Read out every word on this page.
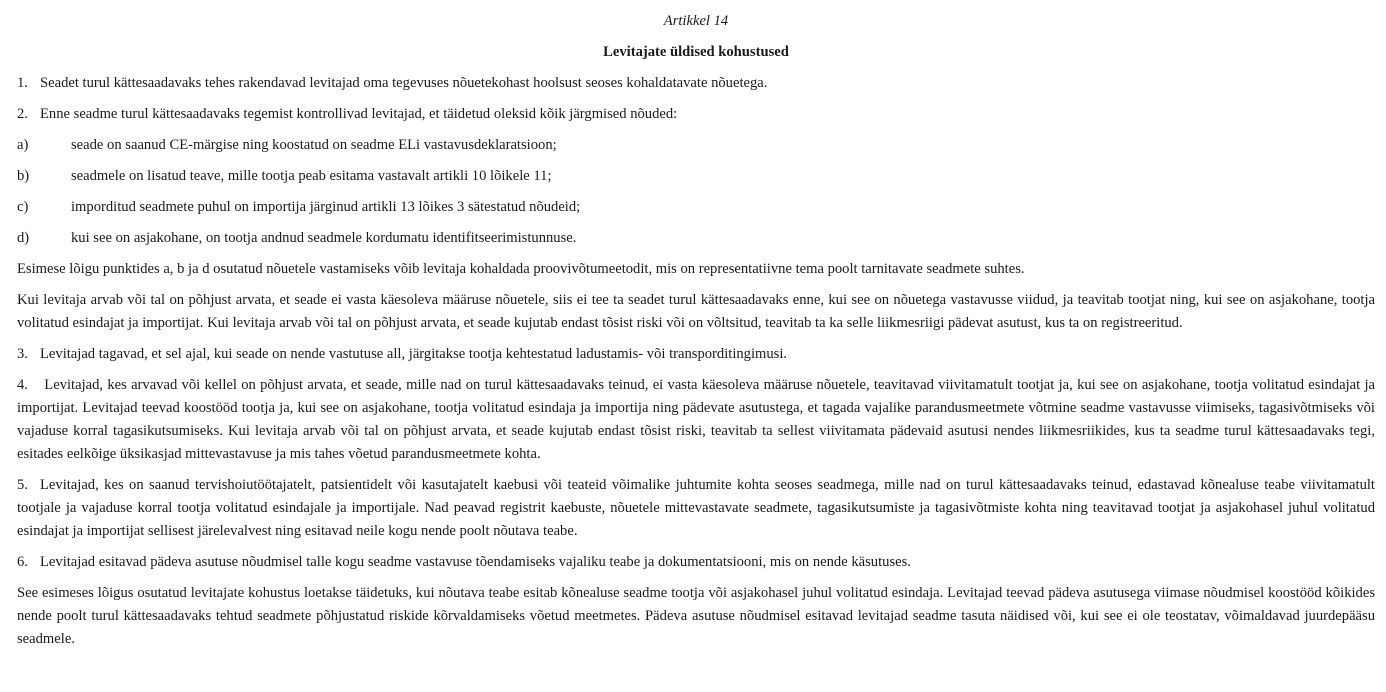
Artikkel 14
Levitajate üldised kohustused

1. Seadet turul kättesaadavaks tehes rakendavad levitajad oma tegevuses nõuetekohast hoolsust seoses kohaldatavate nõuetega.

2. Enne seadme turul kättesaadavaks tegemist kontrollivad levitajad, et täidetud oleksid kõik järgmised nõuded:

a)	seade on saanud CE-märgise ning koostatud on seadme ELi vastavusdeklaratsioon;
b)	seadmele on lisatud teave, mille tootja peab esitama vastavalt artikli 10 lõikele 11;
c)	imporditud seadmete puhul on importija järginud artikli 13 lõikes 3 sätestatud nõudeid;
d)	kui see on asjakohane, on tootja andnud seadmele kordumatu identifitseerimistunnuse.

Esimese lõigu punktides a, b ja d osutatud nõuetele vastamiseks võib levitaja kohaldada proovivõtumeetodit, mis on representatiivne tema poolt tarnitavate seadmete suhtes.

Kui levitaja arvab või tal on põhjust arvata, et seade ei vasta käesoleva määruse nõuetele, siis ei tee ta seadet turul kättesaadavaks enne, kui see on nõuetega vastavusse viidud, ja teavitab tootjat ning, kui see on asjakohane, tootja volitatud esindajat ja importijat. Kui levitaja arvab või tal on põhjust arvata, et seade kujutab endast tõsist riski või on võltsitud, teavitab ta ka selle liikmesriigi pädevat asutust, kus ta on registreeritud.

3. Levitajad tagavad, et sel ajal, kui seade on nende vastutuse all, järgitakse tootja kehtestatud ladustamis- või transporditingimusi.

4. Levitajad, kes arvavad või kellel on põhjust arvata, et seade, mille nad on turul kättesaadavaks teinud, ei vasta käesoleva määruse nõuetele, teavitavad viivitamatult tootjat ja, kui see on asjakohane, tootja volitatud esindajat ja importijat. Levitajad teevad koostööd tootja ja, kui see on asjakohane, tootja volitatud esindaja ja importija ning pädevate asutustega, et tagada vajalike parandusmeetmete võtmine seadme vastavusse viimiseks, tagasivõtmiseks või vajaduse korral tagasikutsumiseks. Kui levitaja arvab või tal on põhjust arvata, et seade kujutab endast tõsist riski, teavitab ta sellest viivitamata pädevaid asutusi nendes liikmesriikides, kus ta seadme turul kättesaadavaks tegi, esitades eelkõige üksikasjad mittevastavuse ja mis tahes võetud parandusmeetmete kohta.

5. Levitajad, kes on saanud tervishoiutöötajatelt, patsientidelt või kasutajatelt kaebusi või teateid võimalike juhtumite kohta seoses seadmega, mille nad on turul kättesaadavaks teinud, edastavad kõnealuse teabe viivitamatult tootjale ja vajaduse korral tootja volitatud esindajale ja importijale. Nad peavad registrit kaebuste, nõuetele mittevastavate seadmete, tagasikutsumiste ja tagasivõtmiste kohta ning teavitavad tootjat ja asjakohasel juhul volitatud esindajat ja importijat sellisest järelevalvest ning esitavad neile kogu nende poolt nõutava teabe.

6. Levitajad esitavad pädeva asutuse nõudmisel talle kogu seadme vastavuse tõendamiseks vajaliku teabe ja dokumentatsiooni, mis on nende käsutuses.

See esimeses lõigus osutatud levitajate kohustus loetakse täidetuks, kui nõutava teabe esitab kõnealuse seadme tootja või asjakohasel juhul volitatud esindaja. Levitajad teevad pädeva asutusega viimase nõudmisel koostööd kõikides nende poolt turul kättesaadavaks tehtud seadmete põhjustatud riskide kõrvaldamiseks võetud meetmetes. Pädeva asutuse nõudmisel esitavad levitajad seadme tasuta näidised või, kui see ei ole teostatav, võimaldavad juurdepääsu seadmele.
